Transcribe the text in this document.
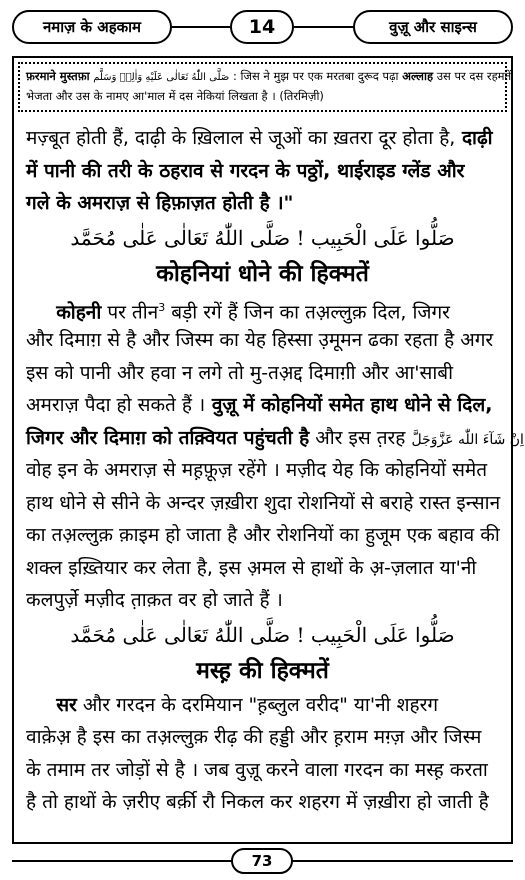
नमाज़ के अहकाम	14	वुज़ू और साइन्स
फ़रमाने मुस्तफ़ा صَلَّى اللّٰهُ تَعَالٰى عَلَيْهِ وَاٰلِهٖ وَسَلَّم : जिस ने मुझ पर एक मरतबा दुरूद पढ़ा अल्लाह उस पर दस रहमतें
भेजता और उस के नामए आ'माल में दस नेकियां लिखता है । (तिरमिज़ी)
मज़्बूत होती हैं, दाढ़ी के ख़िलाल से जूओं का ख़तरा दूर होता है, दाढ़ी
में पानी की तरी के ठहराव से गरदन के पठ्ठों, थाईराइड ग्लेंड और
गले के अमराज़ से हिफ़ाज़त होती है ।"
صَلُّوا عَلَى الْحَبِيب ! صَلَّى اللّٰهُ تَعَالٰى عَلٰى مُحَمَّد
कोहनियां धोने की हिक्मतें
कोहनी पर तीन$^3$ बड़ी रगें हैं जिन का तअ़ल्लुक़ दिल, जिगर
और दिमाग़ से है और जिस्म का येह हिस्सा उ़मूमन ढका रहता है अगर
इस को पानी और हवा न लगे तो मु-तअ़द्द दिमाग़ी और आ'साबी
अमराज़ पैदा हो सकते हैं । वुज़ू में कोहनियों समेत हाथ धोने से दिल,
जिगर और दिमाग़ को तक़्वियत पहुंचती है और इस त़रह اِنْ شَآءَ اللّٰه عَزَّوَجَلَّ
वोह इन के अमराज़ से मह़फ़ूज़ रहेंगे । मज़ीद येह कि कोहनियों समेत
हाथ धोने से सीने के अन्दर ज़ख़ीरा शुदा रोशनियों से बराहे रास्त इन्सान
का तअ़ल्लुक़ क़ाइम हो जाता है और रोशनियों का हुजूम एक बहाव की
शक्ल इख़्तियार कर लेता है, इस अ़मल से हाथों के अ़-ज़लात या'नी
कलपुर्ज़े मज़ीद त़ाक़त वर हो जाते हैं ।
صَلُّوا عَلَى الْحَبِيب ! صَلَّى اللّٰهُ تَعَالٰى عَلٰى مُحَمَّد
मस्ह़ की हिक्मतें
सर और गरदन के दरमियान "ह़ब्लुल वरीद" या'नी शहरग
वाक़ेअ़ है इस का तअ़ल्लुक़ रीढ़ की हड्डी और ह़राम मग़्ज़ और जिस्म
के तमाम तर जोड़ों से है । जब वुज़ू करने वाला गरदन का मस्ह़ करता
है तो हाथों के ज़रीए बर्क़ी रौ निकल कर शहरग में ज़ख़ीरा हो जाती है
73
